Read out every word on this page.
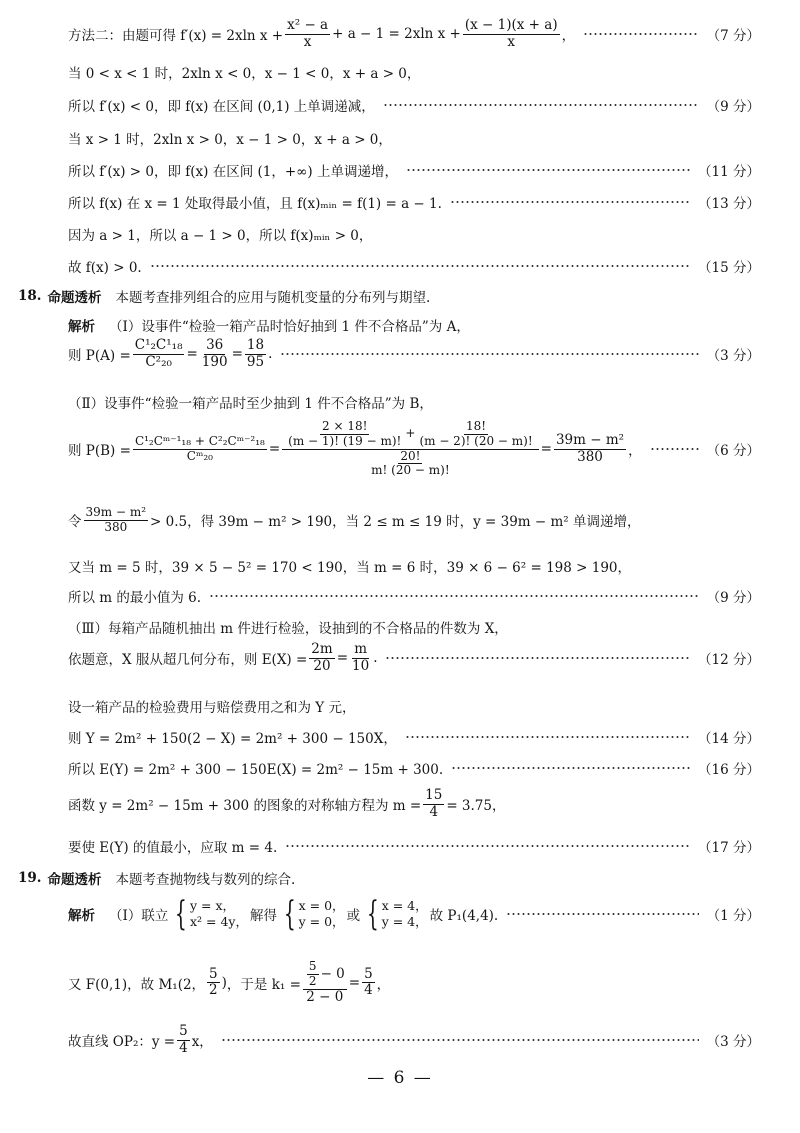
方法二：由题可得 f′(x) = 2xln $x + \frac{\text{x² − a}}{x} + a - 1 = 2xln$ $x + \frac{(x - 1)(x + a)}{x}$ ，	（7 分）
当 0 < x < 1 时，2xln x < 0，x − 1 < 0，x + a > 0，
所以 f′(x) < 0，即 f(x) 在区间 (0,1) 上单调递减，	（9 分）
当 x > 1 时，2xln x > 0，x − 1 > 0，x + a > 0，
所以 f′(x) > 0，即 f(x) 在区间 (1，+∞) 上单调递增，	（11 分）
所以 f(x) 在 x = 1 处取得最小值，且 f(x)ₘᵢₙ = f(1) = a − 1.	（13 分）
因为 a > 1，所以 a − 1 > 0，所以 f(x)ₘᵢₙ > 0，
故 f(x) > 0.	（15 分）
18. 命题透析 本题考查排列组合的应用与随机变量的分布列与期望.
解析 （Ⅰ）设事件“检验一箱产品时恰好抽到 1 件不合格品”为 A，
则 $P(A) = \frac{\text{C¹₂C¹₁₈}}{\text{C²₂₀}} = \frac{36}{190} = \frac{18}{95}$ .	（3 分）
（Ⅱ）设事件“检验一箱产品时至少抽到 1 件不合格品”为 B，
则 $P(B) = \frac{\text{C¹₂Cᵐ⁻¹₁₈ + C²₂Cᵐ⁻²₁₈}}{\text{Cᵐ₂₀}}$ =
$\frac{2 \times 18!}{(m - 1)! (19 - m)!} + \frac{18!}{(m - 2)! (20 - m)!}$
$\frac{20!}{m! (20 - m)!}$
= $\frac{\text{39m − m²}}{380}$ ，	（6 分）
令 $\frac{\text{39m − m²}}{380} > 0.5$，得 39m − m² > 190，当 2 ≤ m ≤ 19 时，y = 39m − m² 单调递增，
又当 m = 5 时，39 × 5 − 5² = 170 < 190，当 m = 6 时，39 × 6 − 6² = 198 > 190，
所以 m 的最小值为 6.	（9 分）
（Ⅲ）每箱产品随机抽出 m 件进行检验，设抽到的不合格品的件数为 X，
依题意，X 服从超几何分布，则 $E(X) = \frac{2m}{20} = \frac{m}{10}$ .	（12 分）
设一箱产品的检验费用与赔偿费用之和为 Y 元，
则 Y = 2m² + 150(2 − X) = 2m² + 300 − 150X，	（14 分）
所以 E(Y) = 2m² + 300 − 150E(X) = 2m² − 15m + 300.	（16 分）
函数 y = 2m² − 15m + 300 的图象的对称轴方程为 $m = \frac{15}{4} = 3.75$，
要使 E(Y) 的值最小，应取 m = 4.	（17 分）
19. 命题透析 本题考查抛物线与数列的综合.
解析 （Ⅰ）联立 { y = x，
x² = 4y， 解得 { x = 0，
y = 0， 或 { x = 4，
y = 4， 故 P₁(4,4).	（1 分）
又 F(0,1)，故 M₁ (2， $\frac{5}{2}$ ) ，于是 $k_1 = \frac{\frac{5}{2} - 0}{2 - 0} = \frac{5}{4}$ ，
故直线 OP₂：$y = \frac{5}{4}$ x，	（3 分）
— 6 —
